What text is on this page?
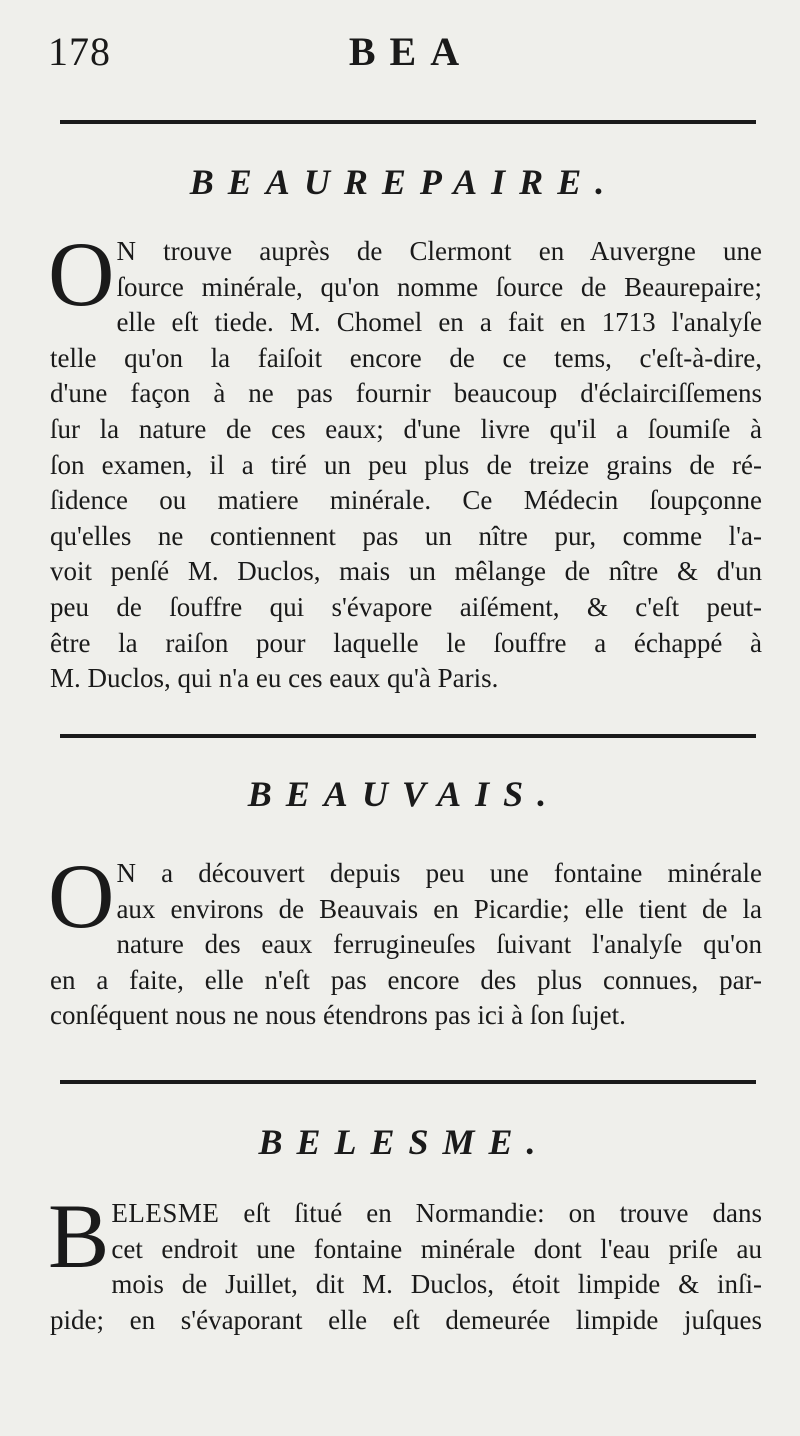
178	BEA
BEAUREPAIRE.
O N trouve auprès de Clermont en Auvergne une
ſource minérale, qu'on nomme ſource de Beaurepaire;
elle eſt tiede. M. Chomel en a fait en 1713 l'analyſe
telle qu'on la faiſoit encore de ce tems, c'eſt-à-dire,
d'une façon à ne pas fournir beaucoup d'éclairciſſemens
ſur la nature de ces eaux; d'une livre qu'il a ſoumiſe à
ſon examen, il a tiré un peu plus de treize grains de ré-
ſidence ou matiere minérale. Ce Médecin ſoupçonne
qu'elles ne contiennent pas un nître pur, comme l'a-
voit penſé M. Duclos, mais un mêlange de nître & d'un
peu de ſouffre qui s'évapore aiſément, & c'eſt peut-
être la raiſon pour laquelle le ſouffre a échappé à
M. Duclos, qui n'a eu ces eaux qu'à Paris.
BEAUVAIS.
O N a découvert depuis peu une fontaine minérale
aux environs de Beauvais en Picardie; elle tient de la
nature des eaux ferrugineuſes ſuivant l'analyſe qu'on
en a faite, elle n'eſt pas encore des plus connues, par-
conſéquent nous ne nous étendrons pas ici à ſon ſujet.
BELESME.
B ELESME eſt ſitué en Normandie: on trouve dans
cet endroit une fontaine minérale dont l'eau priſe au
mois de Juillet, dit M. Duclos, étoit limpide & inſi-
pide; en s'évaporant elle eſt demeurée limpide juſques
